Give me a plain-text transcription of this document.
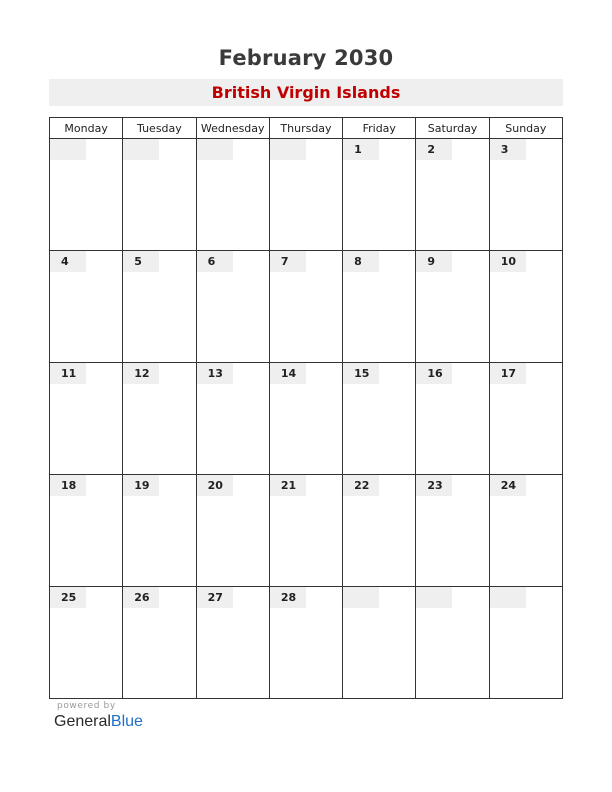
February 2030
British Virgin Islands
Monday	Tuesday	Wednesday	Thursday	Friday	Saturday	Sunday

				1	2	3

4	5	6	7	8	9	10

11	12	13	14	15	16	17

18	19	20	21	22	23	24

25	26	27	28			

powered by
GeneralBlue
